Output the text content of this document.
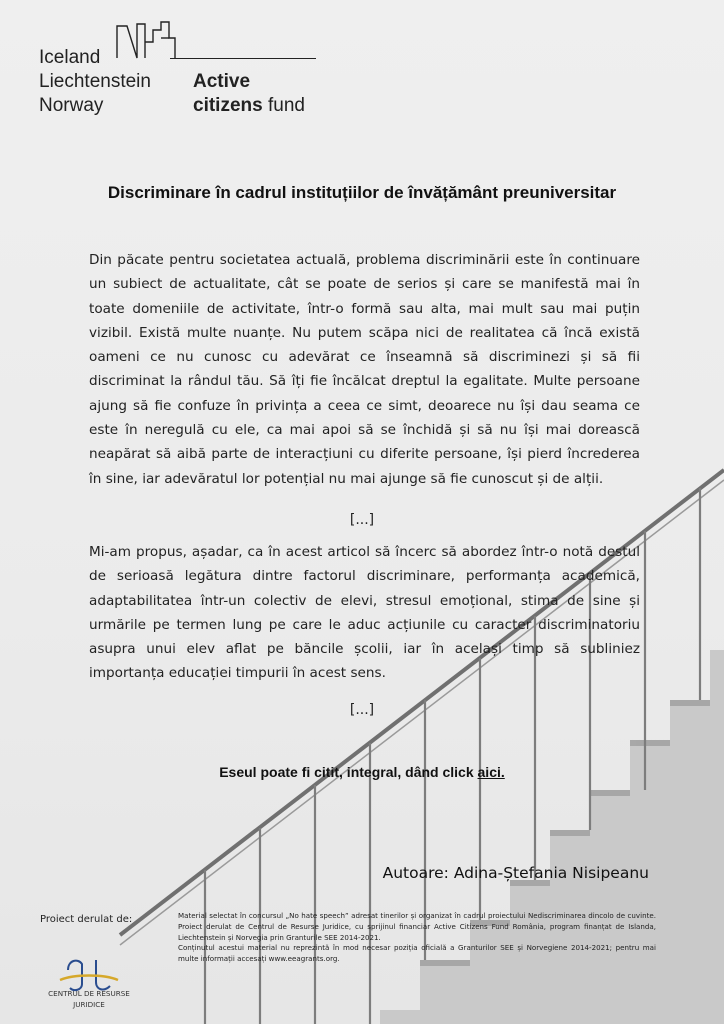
Iceland
Liechtenstein
Norway
Active
citizens fund
Discriminare în cadrul instituțiilor de învățământ preuniversitar
Din păcate pentru societatea actuală, problema discriminării este în continuare un subiect de actualitate, cât se poate de serios și care se manifestă mai în toate domeniile de activitate, într-o formă sau alta, mai mult sau mai puțin vizibil. Există multe nuanțe. Nu putem scăpa nici de realitatea că încă există oameni ce nu cunosc cu adevărat ce înseamnă să discriminezi și să fii discriminat la rândul tău. Să îți fie încălcat dreptul la egalitate. Multe persoane ajung să fie confuze în privința a ceea ce simt, deoarece nu își dau seama ce este în neregulă cu ele, ca mai apoi să se închidă și să nu își mai dorească neapărat să aibă parte de interacțiuni cu diferite persoane, își pierd încrederea în sine, iar adevăratul lor potențial nu mai ajunge să fie cunoscut și de alții.
[...]
Mi-am propus, așadar, ca în acest articol să încerc să abordez într-o notă destul de serioasă legătura dintre factorul discriminare, performanța academică, adaptabilitatea într-un colectiv de elevi, stresul emoțional, stima de sine și urmările pe termen lung pe care le aduc acțiunile cu caracter discriminatoriu asupra unui elev aflat pe băncile școlii, iar în același timp să subliniez importanța educației timpurii în acest sens.
[...]
Eseul poate fi citit, integral, dând click aici.
Autoare: Adina-Ștefania Nisipeanu
Proiect derulat de:
CENTRUL DE RESURSE
JURIDICE
Material selectat în concursul „No hate speech” adresat tinerilor și organizat în cadrul proiectului Nediscriminarea dincolo de cuvinte. Proiect derulat de Centrul de Resurse Juridice, cu sprijinul financiar Active Citizens Fund România, program finanțat de Islanda, Liechtenstein și Norvegia prin Granturile SEE 2014-2021.
Conținutul acestui material nu reprezintă în mod necesar poziția oficială a Granturilor SEE și Norvegiene 2014-2021; pentru mai multe informații accesați www.eeagrants.org.
